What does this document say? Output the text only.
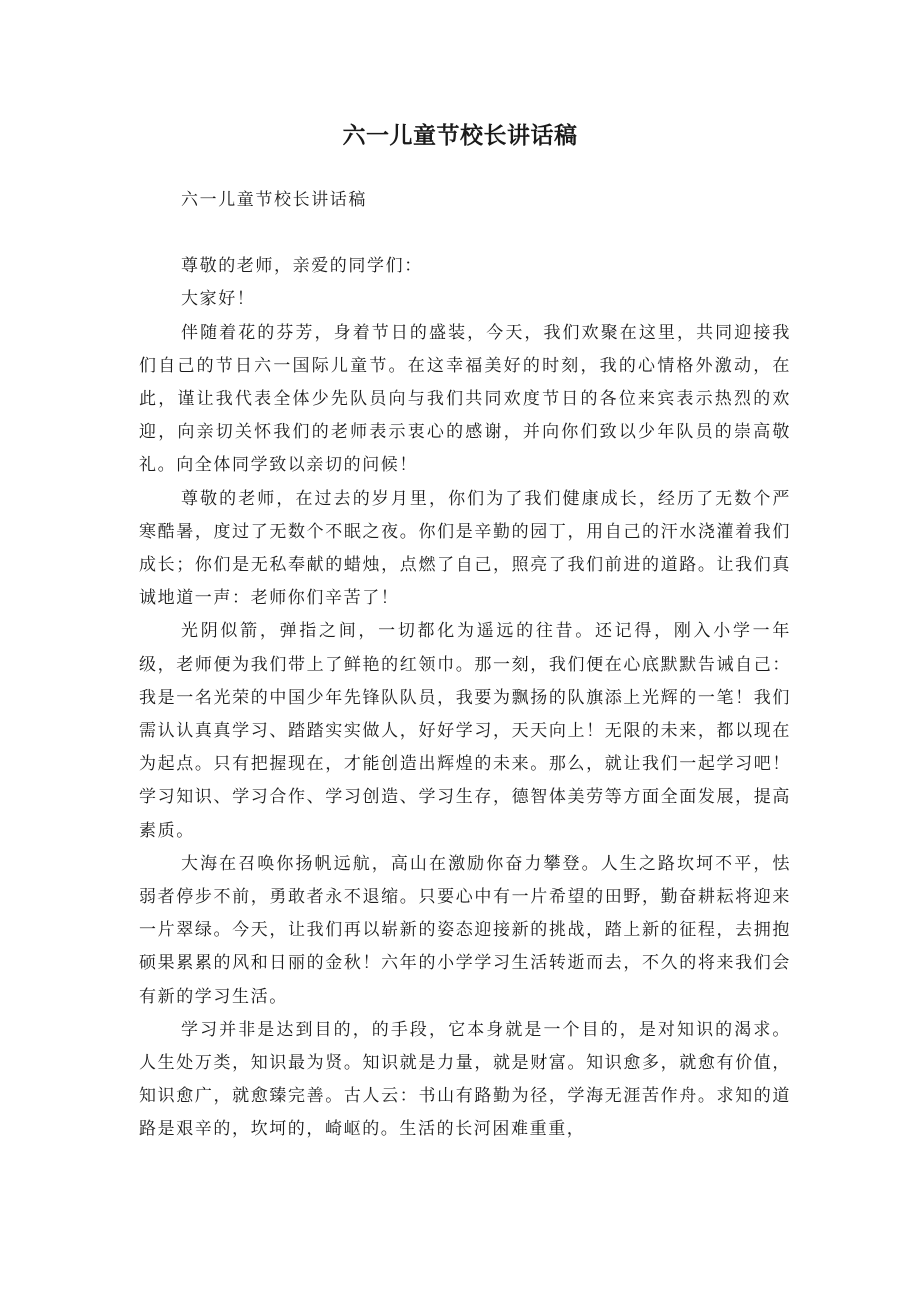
六一儿童节校长讲话稿

六一儿童节校长讲话稿

尊敬的老师，亲爱的同学们：

大家好！

伴随着花的芬芳，身着节日的盛装，今天，我们欢聚在这里，共同迎接我们自己的节日六一国际儿童节。在这幸福美好的时刻，我的心情格外激动，在此，谨让我代表全体少先队员向与我们共同欢度节日的各位来宾表示热烈的欢迎，向亲切关怀我们的老师表示衷心的感谢，并向你们致以少年队员的崇高敬礼。向全体同学致以亲切的问候！

尊敬的老师，在过去的岁月里，你们为了我们健康成长，经历了无数个严寒酷暑，度过了无数个不眠之夜。你们是辛勤的园丁，用自己的汗水浇灌着我们成长；你们是无私奉献的蜡烛，点燃了自己，照亮了我们前进的道路。让我们真诚地道一声：老师你们辛苦了！

光阴似箭，弹指之间，一切都化为遥远的往昔。还记得，刚入小学一年级，老师便为我们带上了鲜艳的红领巾。那一刻，我们便在心底默默告诫自己：我是一名光荣的中国少年先锋队队员，我要为飘扬的队旗添上光辉的一笔！我们需认认真真学习、踏踏实实做人，好好学习，天天向上！无限的未来，都以现在为起点。只有把握现在，才能创造出辉煌的未来。那么，就让我们一起学习吧！学习知识、学习合作、学习创造、学习生存，德智体美劳等方面全面发展，提高素质。

大海在召唤你扬帆远航，高山在激励你奋力攀登。人生之路坎坷不平，怯弱者停步不前，勇敢者永不退缩。只要心中有一片希望的田野，勤奋耕耘将迎来一片翠绿。今天，让我们再以崭新的姿态迎接新的挑战，踏上新的征程，去拥抱硕果累累的风和日丽的金秋！六年的小学学习生活转逝而去，不久的将来我们会有新的学习生活。

学习并非是达到目的，的手段，它本身就是一个目的，是对知识的渴求。人生处万类，知识最为贤。知识就是力量，就是财富。知识愈多，就愈有价值，知识愈广，就愈臻完善。古人云：书山有路勤为径，学海无涯苦作舟。求知的道路是艰辛的，坎坷的，崎岖的。生活的长河困难重重，
